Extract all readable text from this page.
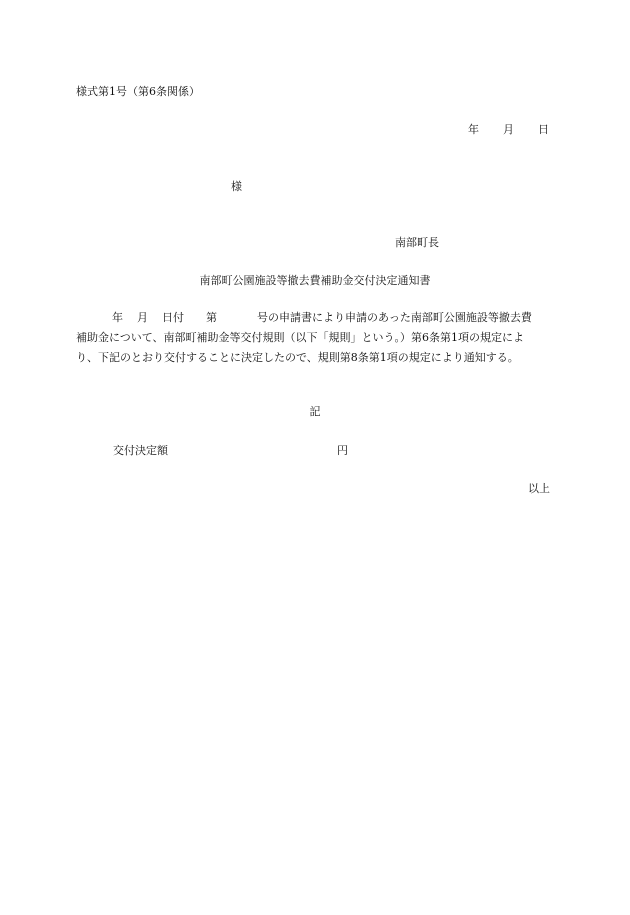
様式第1号（第6条関係）
年 月 日
様
南部町長
南部町公園施設等撤去費補助金交付決定通知書
年 月 日付 第	号の申請書により申請のあった南部町公園施設等撤去費
補助金について、南部町補助金等交付規則（以下「規則」という。）第6条第1項の規定によ
り、下記のとおり交付することに決定したので、規則第8条第1項の規定により通知する。
記
交付決定額	円
以上
